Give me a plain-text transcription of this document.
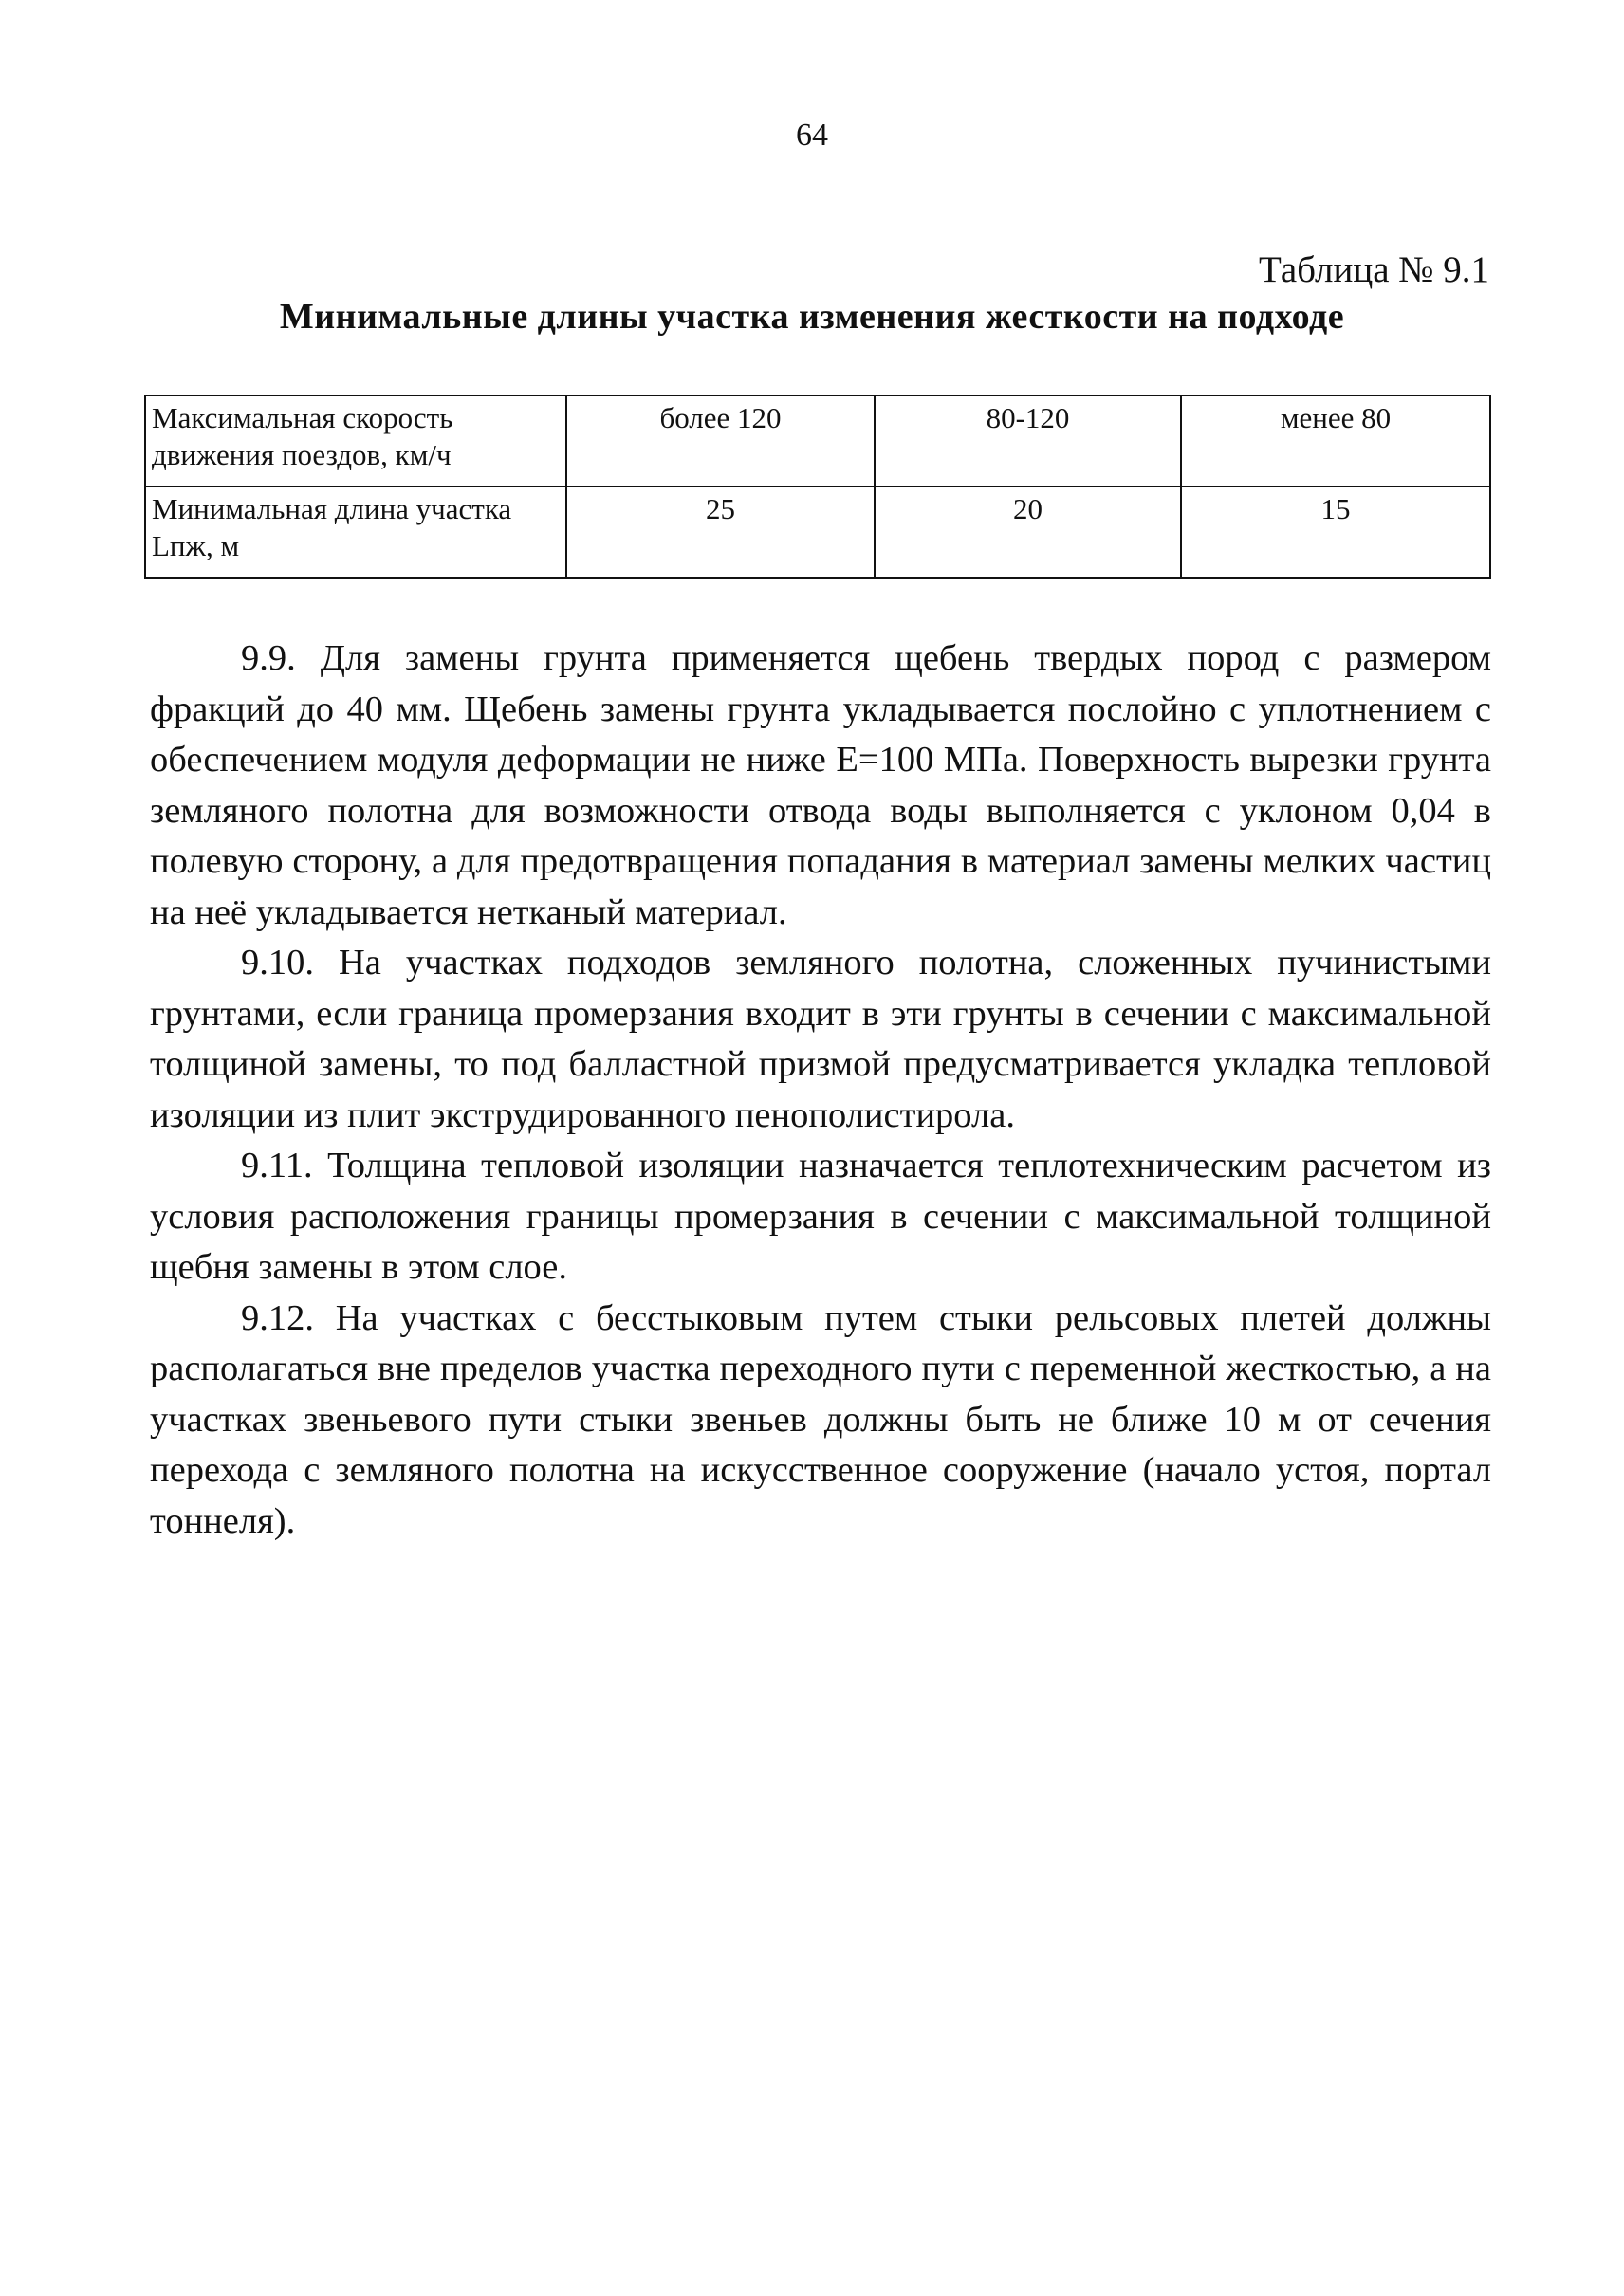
64
Таблица № 9.1
Минимальные длины участка изменения жесткости на подходе
Максимальная скорость движения поездов, км/ч	более 120	80-120	менее 80
Минимальная длина участка Lпж, м	25	20	15

9.9. Для замены грунта применяется щебень твердых пород с размером фракций до 40 мм. Щебень замены грунта укладывается послойно с уплотнением с обеспечением модуля деформации не ниже Е=100 МПа. Поверхность вырезки грунта земляного полотна для возможности отвода воды выполняется с уклоном 0,04 в полевую сторону, а для предотвращения попадания в материал замены мелких частиц на неё укладывается нетканый материал.

9.10. На участках подходов земляного полотна, сложенных пучинистыми грунтами, если граница промерзания входит в эти грунты в сечении с максимальной толщиной замены, то под балластной призмой предусматривается укладка тепловой изоляции из плит экструдированного пенополистирола.

9.11. Толщина тепловой изоляции назначается теплотехническим расчетом из условия расположения границы промерзания в сечении с максимальной толщиной щебня замены в этом слое.

9.12. На участках с бесстыковым путем стыки рельсовых плетей должны располагаться вне пределов участка переходного пути с переменной жесткостью, а на участках звеньевого пути стыки звеньев должны быть не ближе 10 м от сечения перехода с земляного полотна на искусственное сооружение (начало устоя, портал тоннеля).
